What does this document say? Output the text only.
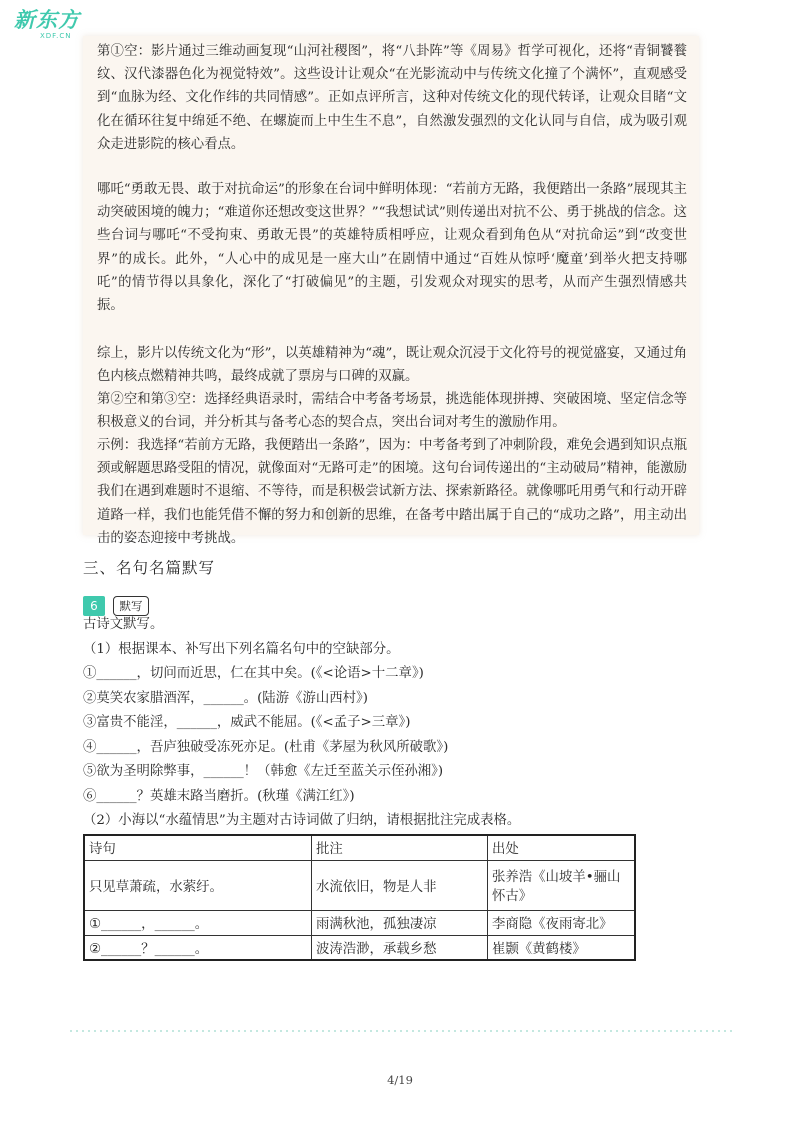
新东方
XDF.CN

第①空：影片通过三维动画复现“山河社稷图”，将“八卦阵”等《周易》哲学可视化，还将“青铜饕餮纹、汉代漆器色化为视觉特效”。这些设计让观众“在光影流动中与传统文化撞了个满怀”，直观感受到“血脉为经、文化作纬的共同情感”。正如点评所言，这种对传统文化的现代转译，让观众目睹“文化在循环往复中绵延不绝、在螺旋而上中生生不息”，自然激发强烈的文化认同与自信，成为吸引观众走进影院的核心看点。

哪吒“勇敢无畏、敢于对抗命运”的形象在台词中鲜明体现：“若前方无路，我便踏出一条路”展现其主动突破困境的魄力；“难道你还想改变这世界？”“我想试试”则传递出对抗不公、勇于挑战的信念。这些台词与哪吒“不受拘束、勇敢无畏”的英雄特质相呼应，让观众看到角色从“对抗命运”到“改变世界”的成长。此外，“人心中的成见是一座大山”在剧情中通过“百姓从惊呼‘魔童’到举火把支持哪吒”的情节得以具象化，深化了“打破偏见”的主题，引发观众对现实的思考，从而产生强烈情感共振。

综上，影片以传统文化为“形”，以英雄精神为“魂”，既让观众沉浸于文化符号的视觉盛宴，又通过角色内核点燃精神共鸣，最终成就了票房与口碑的双赢。

第②空和第③空：选择经典语录时，需结合中考备考场景，挑选能体现拼搏、突破困境、坚定信念等积极意义的台词，并分析其与备考心态的契合点，突出台词对考生的激励作用。

示例：我选择“若前方无路，我便踏出一条路”，因为：中考备考到了冲刺阶段，难免会遇到知识点瓶颈或解题思路受阻的情况，就像面对“无路可走”的困境。这句台词传递出的“主动破局”精神，能激励我们在遇到难题时不退缩、不等待，而是积极尝试新方法、探索新路径。就像哪吒用勇气和行动开辟道路一样，我们也能凭借不懈的努力和创新的思维，在备考中踏出属于自己的“成功之路”，用主动出击的姿态迎接中考挑战。

三、名句名篇默写
6	默写
古诗文默写。
（1）根据课本、补写出下列名篇名句中的空缺部分。
①______，切问而近思，仁在其中矣。(《<论语>十二章》)
②莫笑农家腊酒浑，______。(陆游《游山西村》)
③富贵不能淫，______，威武不能屈。(《<孟子>三章》)
④______，吾庐独破受冻死亦足。(杜甫《茅屋为秋风所破歌》)
⑤欲为圣明除弊事，______！（韩愈《左迁至蓝关示侄孙湘》)
⑥______？英雄末路当磨折。(秋瑾《满江红》)
（2）小海以“水蕴情思”为主题对古诗词做了归纳，请根据批注完成表格。
诗句	批注	出处
只见草萧疏，水萦纡。	水流依旧，物是人非	张养浩《山坡羊•骊山怀古》
①______，______。	雨满秋池，孤独凄凉	李商隐《夜雨寄北》
②______？______。	波涛浩渺，承载乡愁	崔颢《黄鹤楼》
4/19
